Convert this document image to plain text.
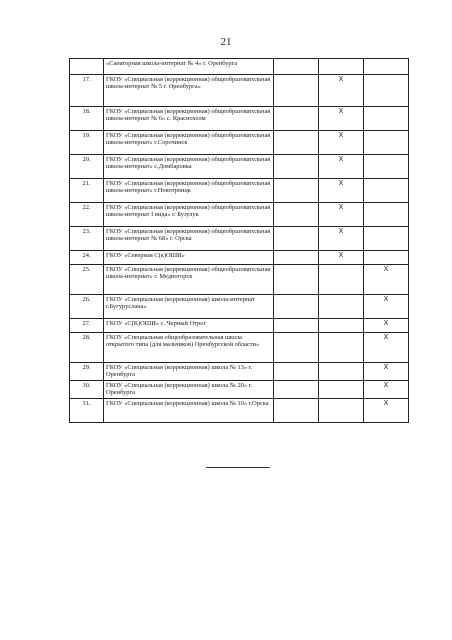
21
	«Санаторная школа-интернат № 4» г. Оренбурга			
17.	ГКОУ «Специальная (коррекционная) общеобразовательная школа-интернат № 5 г. Оренбурга»		X	
18.	ГКОУ «Специальная (коррекционная) общеобразовательная школа-интернат № 6» с. Краснохолм		X	
19.	ГКОУ «Специальная (коррекционная) общеобразовательная школа-интернат» г.Сорочинск		X	
20.	ГКОУ «Специальная (коррекционная) общеобразовательная школа-интернат» с.Домбаровка		X	
21.	ГКОУ «Специальная (коррекционная) общеобразовательная школа-интернат» г.Новотроицк		X	
22.	ГКОУ «Специальная (коррекционная) общеобразовательная школа-интернат I вида» г. Бузулук		X	
23.	ГКОУ «Специальная (коррекционная) общеобразовательная школа-интернат № 68» г. Орска		X	
24.	ГКОУ «Северная С(к)ОШИ»		X	
25.	ГКОУ «Специальная (коррекционная) общеобразовательная школа-интернат» г. Медногорск			X
26.	ГКОУ «Специальная (коррекционная) школа-интернат г.Бугуруслана»			X
27.	ГКОУ «С(К)ОШИ» с. Черный Отрог			X
28.	ГКОУ «Специальная общеобразовательная школа открытого типа (для мальчиков) Оренбургской области»			X
29.	ГКОУ «Специальная (коррекционная) школа № 13» г. Оренбурга			X
30.	ГКОУ «Специальная (коррекционная) школа № 20» г. Оренбурга			X
31.	ГКОУ «Специальная (коррекционная) школа № 10» г.Орска			X
